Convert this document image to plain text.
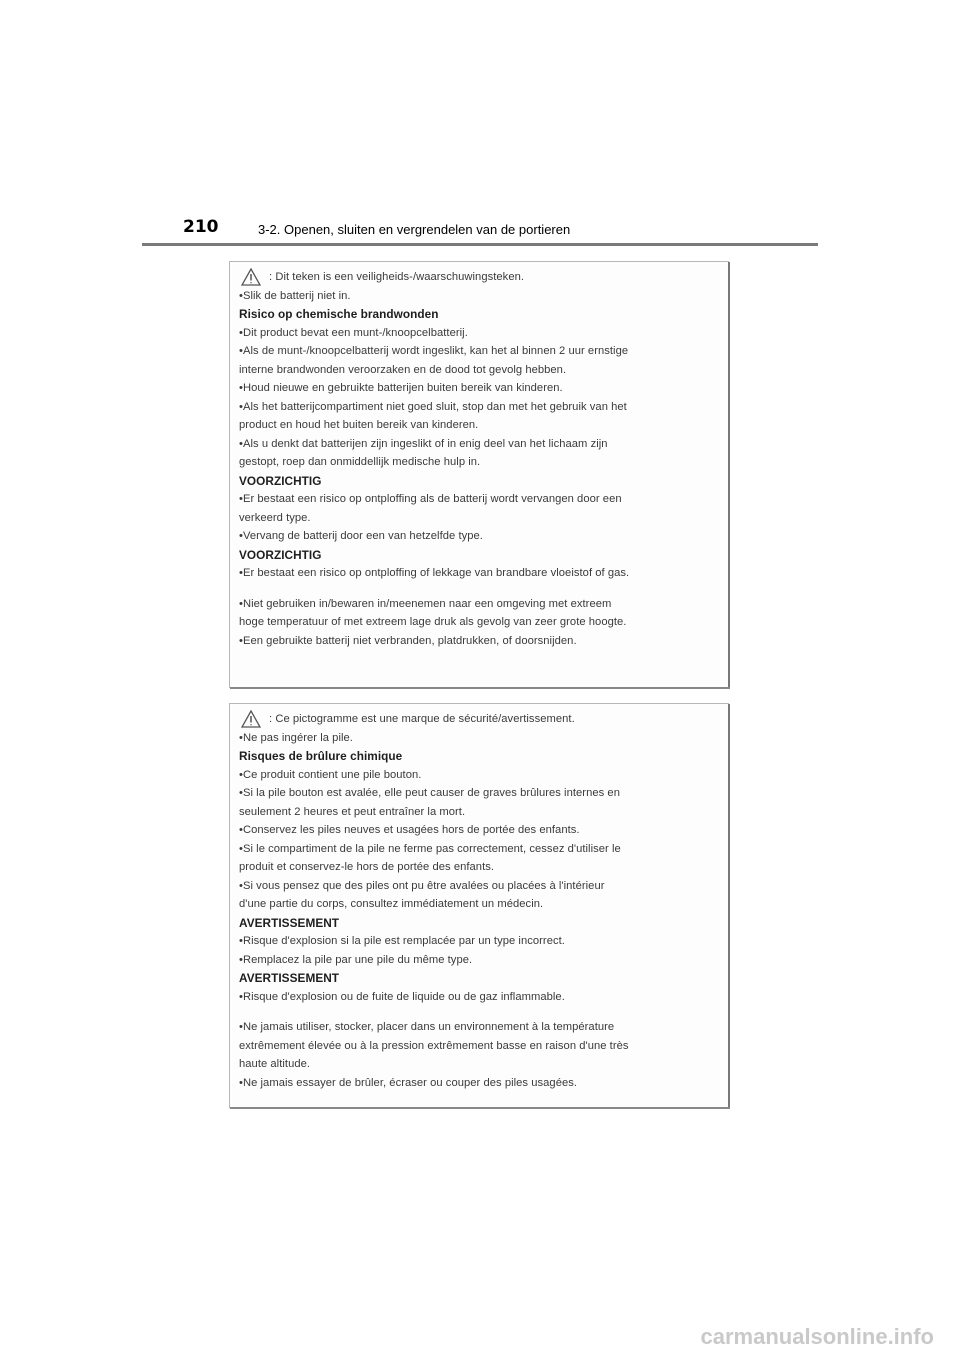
210	3-2. Openen, sluiten en vergrendelen van de portieren
: Dit teken is een veiligheids-/waarschuwingsteken.
•Slik de batterij niet in.
Risico op chemische brandwonden
•Dit product bevat een munt-/knoopcelbatterij.
•Als de munt-/knoopcelbatterij wordt ingeslikt, kan het al binnen 2 uur ernstige
interne brandwonden veroorzaken en de dood tot gevolg hebben.
•Houd nieuwe en gebruikte batterijen buiten bereik van kinderen.
•Als het batterijcompartiment niet goed sluit, stop dan met het gebruik van het
product en houd het buiten bereik van kinderen.
•Als u denkt dat batterijen zijn ingeslikt of in enig deel van het lichaam zijn
gestopt, roep dan onmiddellijk medische hulp in.
VOORZICHTIG
•Er bestaat een risico op ontploffing als de batterij wordt vervangen door een
verkeerd type.
•Vervang de batterij door een van hetzelfde type.
VOORZICHTIG
•Er bestaat een risico op ontploffing of lekkage van brandbare vloeistof of gas.
•Niet gebruiken in/bewaren in/meenemen naar een omgeving met extreem
hoge temperatuur of met extreem lage druk als gevolg van zeer grote hoogte.
•Een gebruikte batterij niet verbranden, platdrukken, of doorsnijden.
: Ce pictogramme est une marque de sécurité/avertissement.
•Ne pas ingérer la pile.
Risques de brûlure chimique
•Ce produit contient une pile bouton.
•Si la pile bouton est avalée, elle peut causer de graves brûlures internes en
seulement 2 heures et peut entraîner la mort.
•Conservez les piles neuves et usagées hors de portée des enfants.
•Si le compartiment de la pile ne ferme pas correctement, cessez d'utiliser le
produit et conservez-le hors de portée des enfants.
•Si vous pensez que des piles ont pu être avalées ou placées à l'intérieur
d'une partie du corps, consultez immédiatement un médecin.
AVERTISSEMENT
•Risque d'explosion si la pile est remplacée par un type incorrect.
•Remplacez la pile par une pile du même type.
AVERTISSEMENT
•Risque d'explosion ou de fuite de liquide ou de gaz inflammable.
•Ne jamais utiliser, stocker, placer dans un environnement à la température
extrêmement élevée ou à la pression extrêmement basse en raison d'une très
haute altitude.
•Ne jamais essayer de brûler, écraser ou couper des piles usagées.
carmanualsonline.info
